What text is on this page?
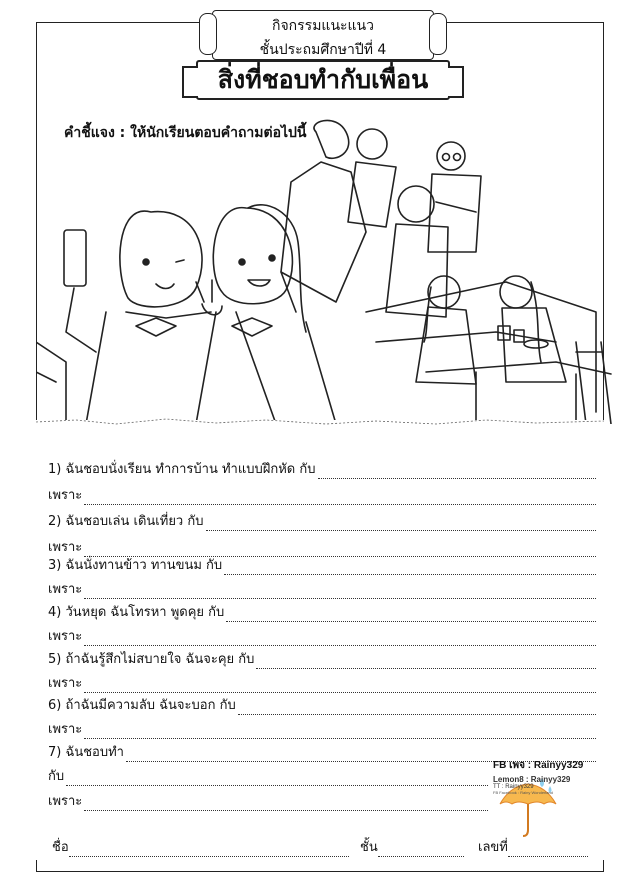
กิจกรรมแนะแนว
ชั้นประถมศึกษาปีที่ 4
สิ่งที่ชอบทำกับเพื่อน
คำชี้แจง : ให้นักเรียนตอบคำถามต่อไปนี้
1) ฉันชอบนั่งเรียน ทำการบ้าน ทำแบบฝึกหัด กับ
เพราะ
2) ฉันชอบเล่น เดินเที่ยว กับ
เพราะ
3) ฉันนั่งทานข้าว ทานขนม กับ
เพราะ
4) วันหยุด ฉันโทรหา พูดคุย กับ
เพราะ
5) ถ้าฉันรู้สึกไม่สบายใจ ฉันจะคุย กับ
เพราะ
6) ถ้าฉันมีความลับ ฉันจะบอก กับ
เพราะ
7) ฉันชอบทำ
กับ
เพราะ
ชื่อ	ชั้น	เลขที่
FB เพจ : Rainyy329
Lemon8 : Rainyy329
TT : Rainyy329
FB Facebook : Rainy Wonderland
